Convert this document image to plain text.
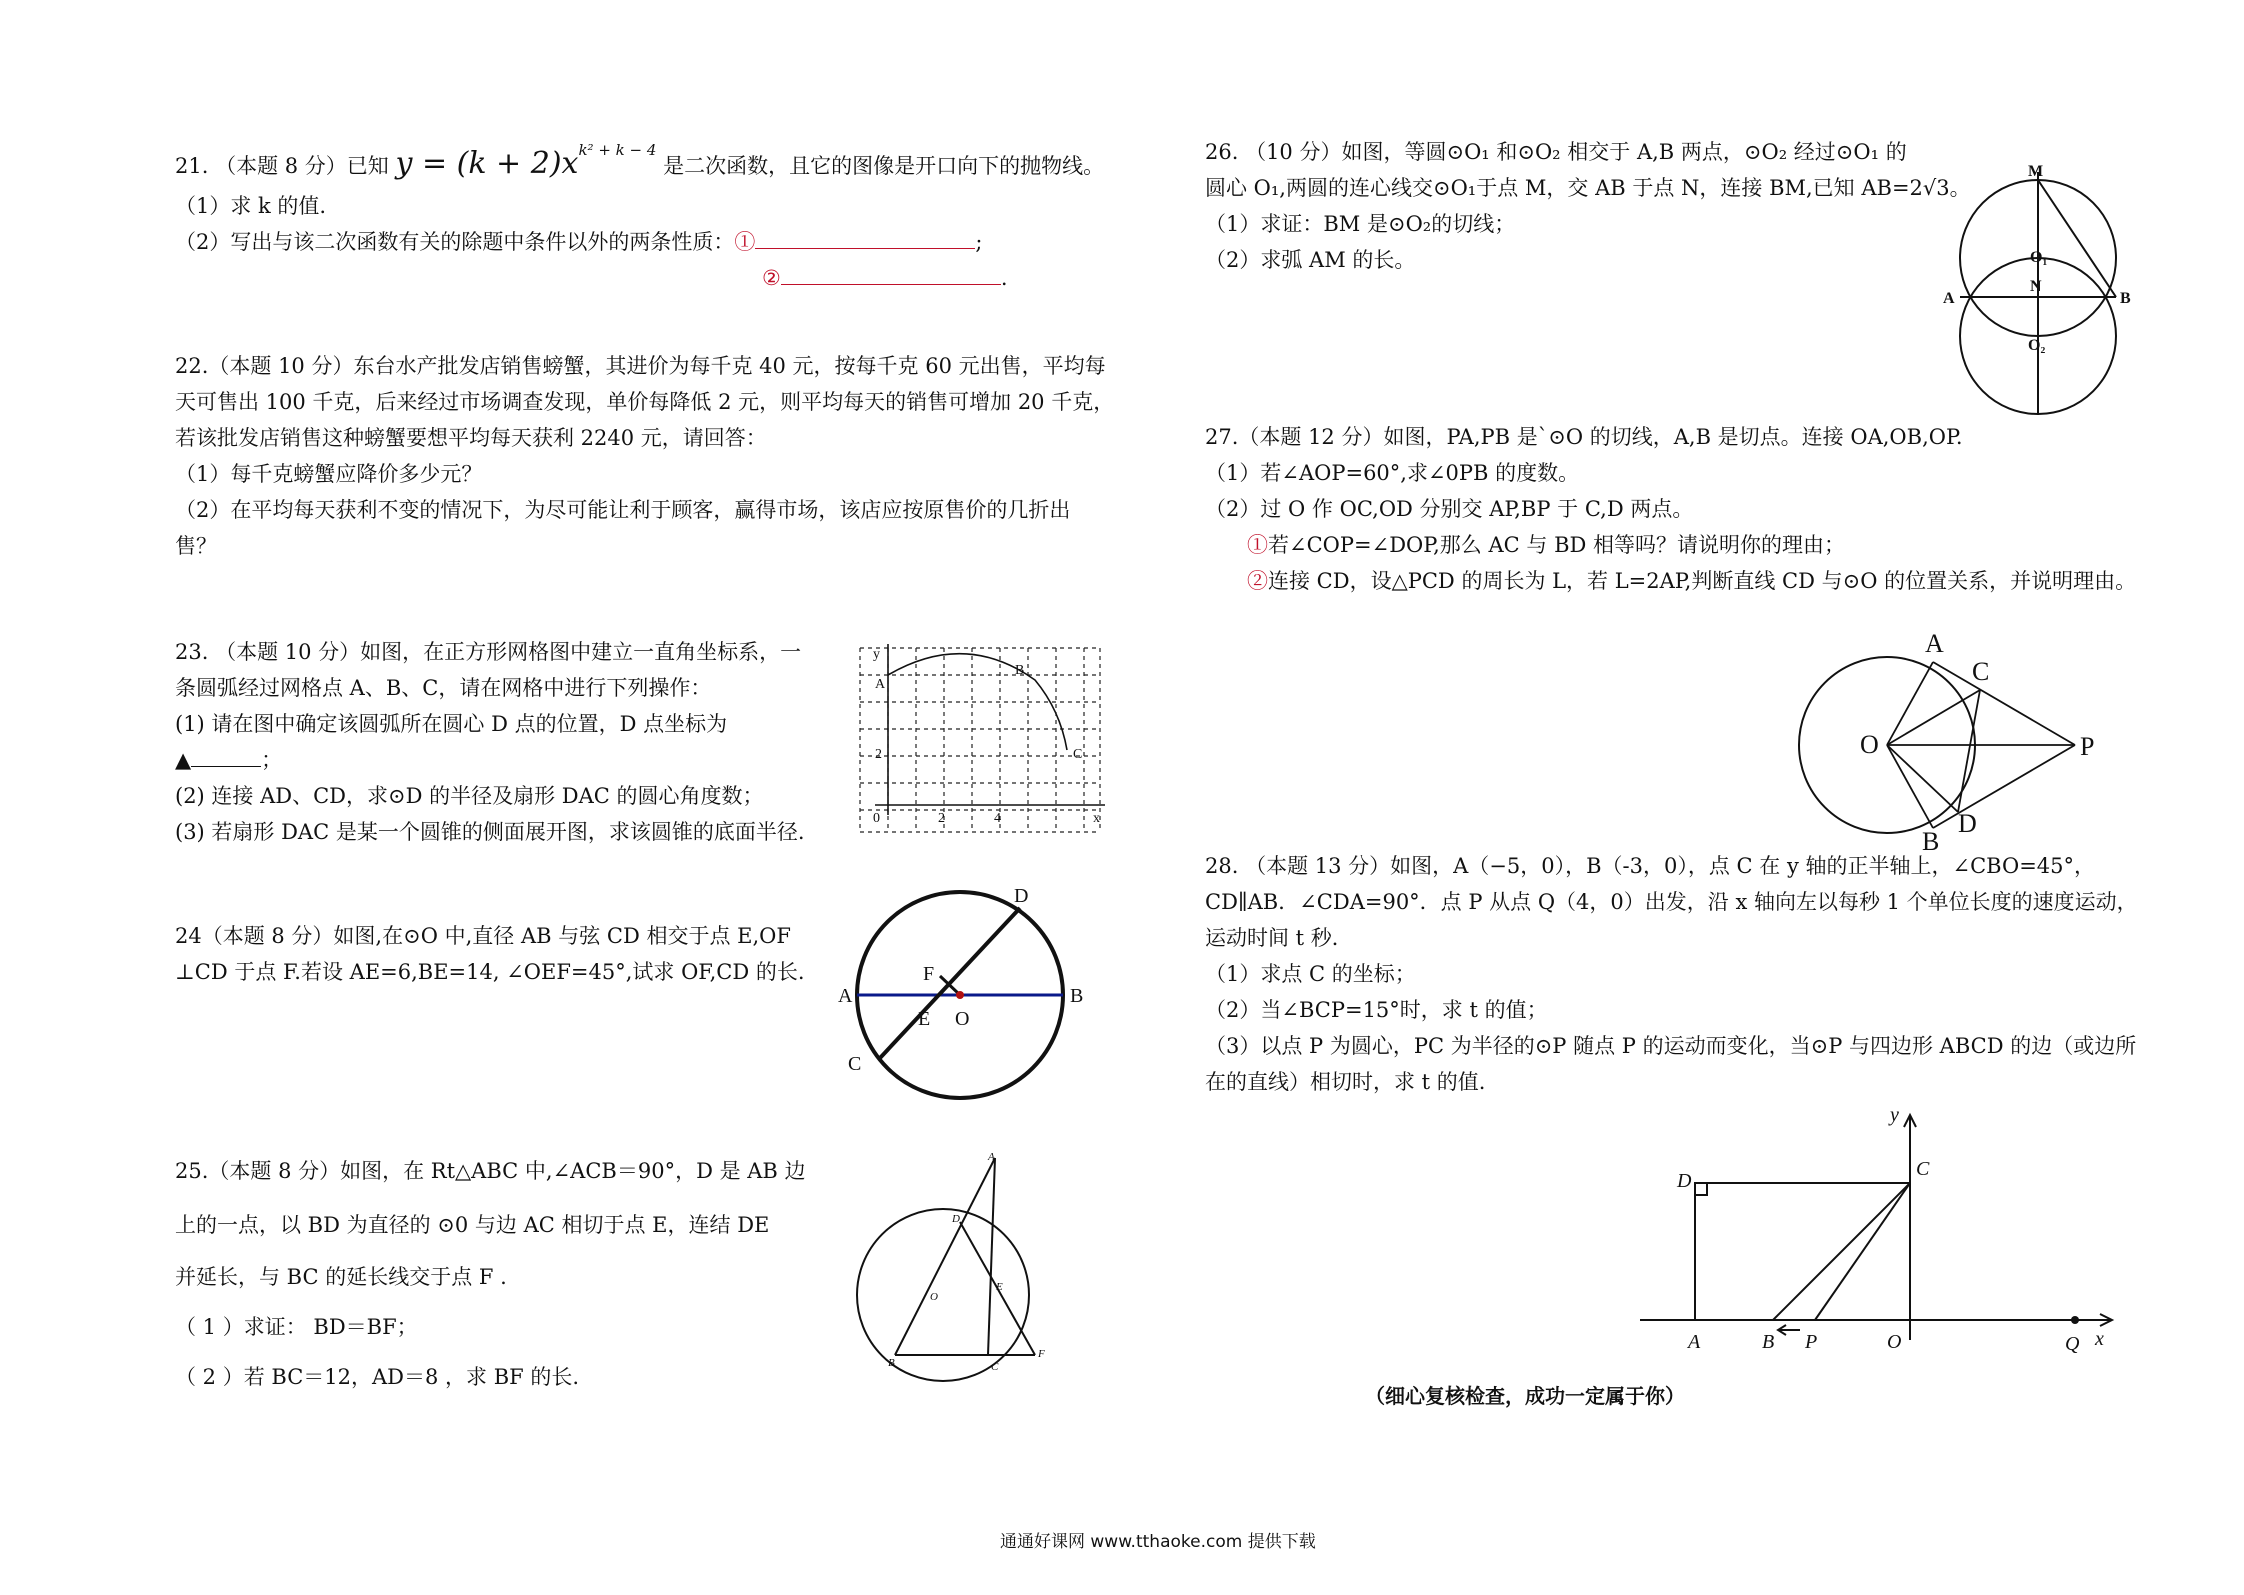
21. （本题 8 分）已知 $y = (k + 2)x^{k^2 + k - 4}$ 是二次函数，且它的图像是开口向下的抛物线。
（1）求 k 的值.
（2）写出与该二次函数有关的除题中条件以外的两条性质：①	;
②	.
22.（本题 10 分）东台水产批发店销售螃蟹，其进价为每千克 40 元，按每千克 60 元出售，平均每
天可售出 100 千克，后来经过市场调查发现，单价每降低 2 元，则平均每天的销售可增加 20 千克，
若该批发店销售这种螃蟹要想平均每天获利 2240 元，请回答：
（1）每千克螃蟹应降价多少元？
（2）在平均每天获利不变的情况下，为尽可能让利于顾客，赢得市场，该店应按原售价的几折出
售？
23. （本题 10 分）如图，在正方形网格图中建立一直角坐标系，一
条圆弧经过网格点 A、B、C，请在网格中进行下列操作：
(1) 请在图中确定该圆弧所在圆心 D 点的位置，D 点坐标为
▲	；
(2) 连接 AD、CD，求⊙D 的半径及扇形 DAC 的圆心角度数；
(3) 若扇形 DAC 是某一个圆锥的侧面展开图，求该圆锥的底面半径.
y
x
0	2	4
2
A
B
C
24（本题 8 分）如图,在⊙O 中,直径 AB 与弦 CD 相交于点 E,OF
⊥CD 于点 F.若设 AE=6,BE=14, ∠OEF=45°,试求 OF,CD 的长.
A	B
C
D
E
F
O
25.（本题 8 分）如图，在 Rt△ABC 中,∠ACB＝90°，D 是 AB 边
上的一点，以 BD 为直径的 ⊙0 与边 AC 相切于点 E，连结 DE
并延长，与 BC 的延长线交于点 F .
（ 1 ）求证： BD＝BF；
（ 2 ）若 BC＝12，AD＝8 ，求 BF 的长.
A
B	C
D
E
F
O
26. （10 分）如图，等圆⊙O₁ 和⊙O₂ 相交于 A,B 两点，⊙O₂ 经过⊙O₁ 的
圆心 O₁,两圆的连心线交⊙O₁于点 M，交 AB 于点 N，连接 BM,已知 AB=2√3。
（1）求证：BM 是⊙O₂的切线；
（2）求弧 AM 的长。
M
O₁
N
A	B
O₂
27.（本题 12 分）如图，PA,PB 是`⊙O 的切线，A,B 是切点。连接 OA,OB,OP.
（1）若∠AOP=60°,求∠0PB 的度数。
（2）过 O 作 OC,OD 分别交 AP,BP 于 C,D 两点。
①若∠COP=∠DOP,那么 AC 与 BD 相等吗？请说明你的理由；
②连接 CD，设△PCD 的周长为 L，若 L=2AP,判断直线 CD 与⊙O 的位置关系，并说明理由。
A
C
O	P
D
B
28. （本题 13 分）如图，A（−5，0），B（-3，0），点 C 在 y 轴的正半轴上，∠CBO=45°，
CD∥AB．∠CDA=90°．点 P 从点 Q（4，0）出发，沿 x 轴向左以每秒 1 个单位长度的速度运动，
运动时间 t 秒．
（1）求点 C 的坐标；
（2）当∠BCP=15°时，求 t 的值；
（3）以点 P 为圆心，PC 为半径的⊙P 随点 P 的运动而变化，当⊙P 与四边形 ABCD 的边（或边所
在的直线）相切时，求 t 的值.
y
x
D
C
A	B P	O	Q
（细心复核检查，成功一定属于你）
通通好课网 www.tthaoke.com 提供下载
